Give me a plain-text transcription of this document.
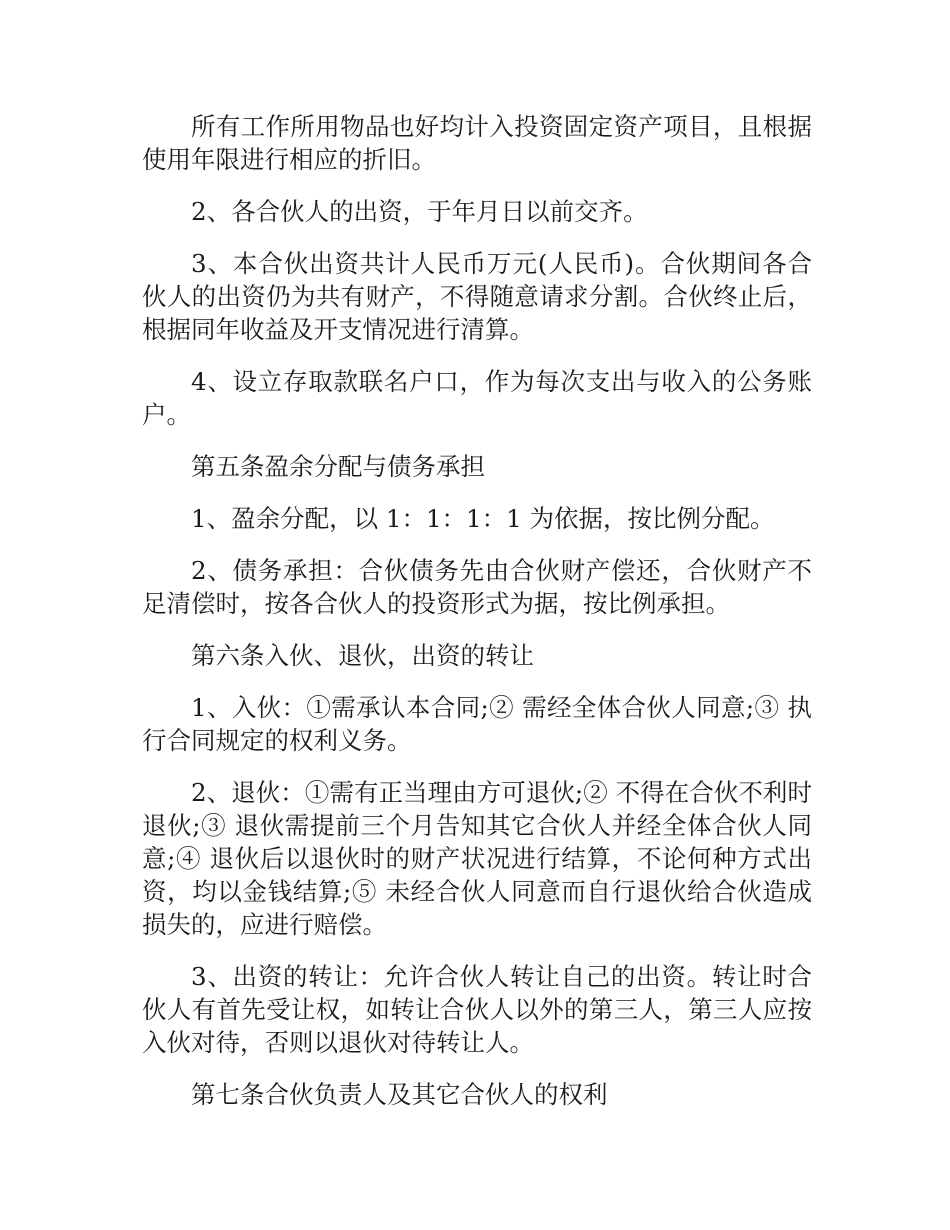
所有工作所用物品也好均计入投资固定资产项目，且根据使用年限进行相应的折旧。

2、各合伙人的出资，于年月日以前交齐。

3、本合伙出资共计人民币万元(人民币)。合伙期间各合伙人的出资仍为共有财产，不得随意请求分割。合伙终止后，根据同年收益及开支情况进行清算。

4、设立存取款联名户口，作为每次支出与收入的公务账户。

第五条盈余分配与债务承担

1、盈余分配，以 1：1：1：1 为依据，按比例分配。

2、债务承担：合伙债务先由合伙财产偿还，合伙财产不足清偿时，按各合伙人的投资形式为据，按比例承担。

第六条入伙、退伙，出资的转让

1、入伙：①需承认本合同;② 需经全体合伙人同意;③ 执行合同规定的权利义务。

2、退伙：①需有正当理由方可退伙;② 不得在合伙不利时退伙;③ 退伙需提前三个月告知其它合伙人并经全体合伙人同意;④ 退伙后以退伙时的财产状况进行结算，不论何种方式出资，均以金钱结算;⑤ 未经合伙人同意而自行退伙给合伙造成损失的，应进行赔偿。

3、出资的转让：允许合伙人转让自己的出资。转让时合伙人有首先受让权，如转让合伙人以外的第三人，第三人应按入伙对待，否则以退伙对待转让人。

第七条合伙负责人及其它合伙人的权利
